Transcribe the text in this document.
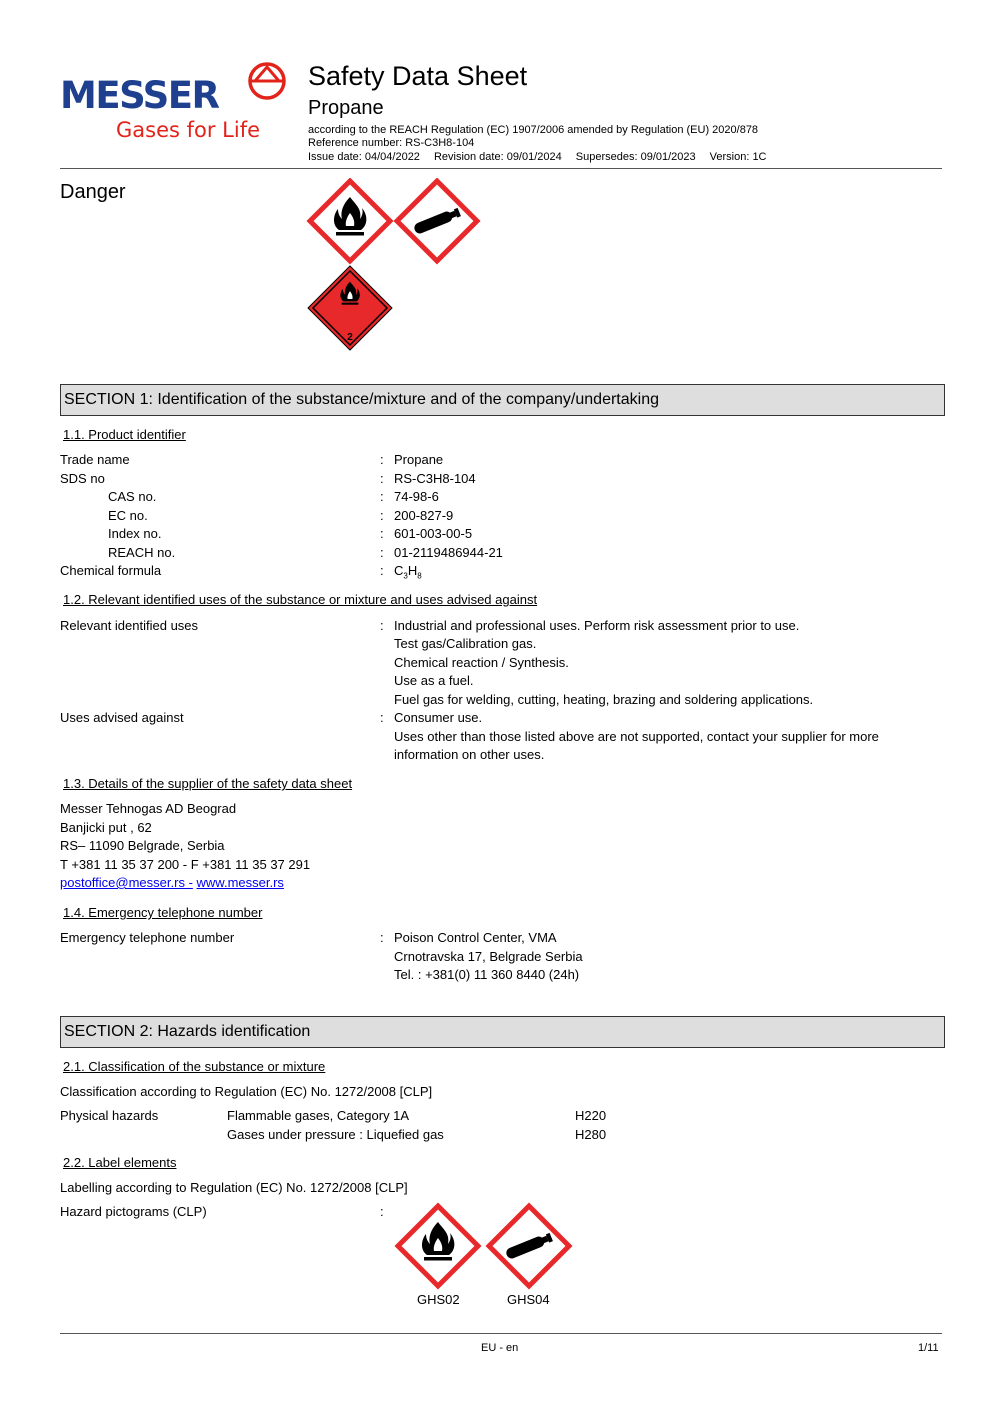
MESSER
Gases for Life
Safety Data Sheet
Propane
according to the REACH Regulation (EC) 1907/2006 amended by Regulation (EU) 2020/878
Reference number: RS-C3H8-104
Issue date: 04/04/2022 Revision date: 09/01/2024 Supersedes: 09/01/2023 Version: 1C
Danger
2
SECTION 1: Identification of the substance/mixture and of the company/undertaking
1.1. Product identifier
Trade name	: Propane
SDS no	: RS-C3H8-104
CAS no.	: 74-98-6
EC no.	: 200-827-9
Index no.	: 601-003-00-5
REACH no.	: 01-2119486944-21
Chemical formula	: $C_3H_8$
1.2. Relevant identified uses of the substance or mixture and uses advised against
Relevant identified uses	: Industrial and professional uses. Perform risk assessment prior to use.
Test gas/Calibration gas.
Chemical reaction / Synthesis.
Use as a fuel.
Fuel gas for welding, cutting, heating, brazing and soldering applications.
Uses advised against	: Consumer use.
Uses other than those listed above are not supported, contact your supplier for more
information on other uses.
1.3. Details of the supplier of the safety data sheet
Messer Tehnogas AD Beograd
Banjicki put , 62
RS– 11090 Belgrade, Serbia
T +381 11 35 37 200 - F +381 11 35 37 291
postoffice@messer.rs - www.messer.rs
1.4. Emergency telephone number
Emergency telephone number	: Poison Control Center, VMA
Crnotravska 17, Belgrade Serbia
Tel. : +381(0) 11 360 8440 (24h)
SECTION 2: Hazards identification
2.1. Classification of the substance or mixture
Classification according to Regulation (EC) No. 1272/2008 [CLP]
Physical hazards	Flammable gases, Category 1A	H220
Gases under pressure : Liquefied gas	H280
2.2. Label elements
Labelling according to Regulation (EC) No. 1272/2008 [CLP]
Hazard pictograms (CLP)	:
GHS02	GHS04
EU - en	1/11
